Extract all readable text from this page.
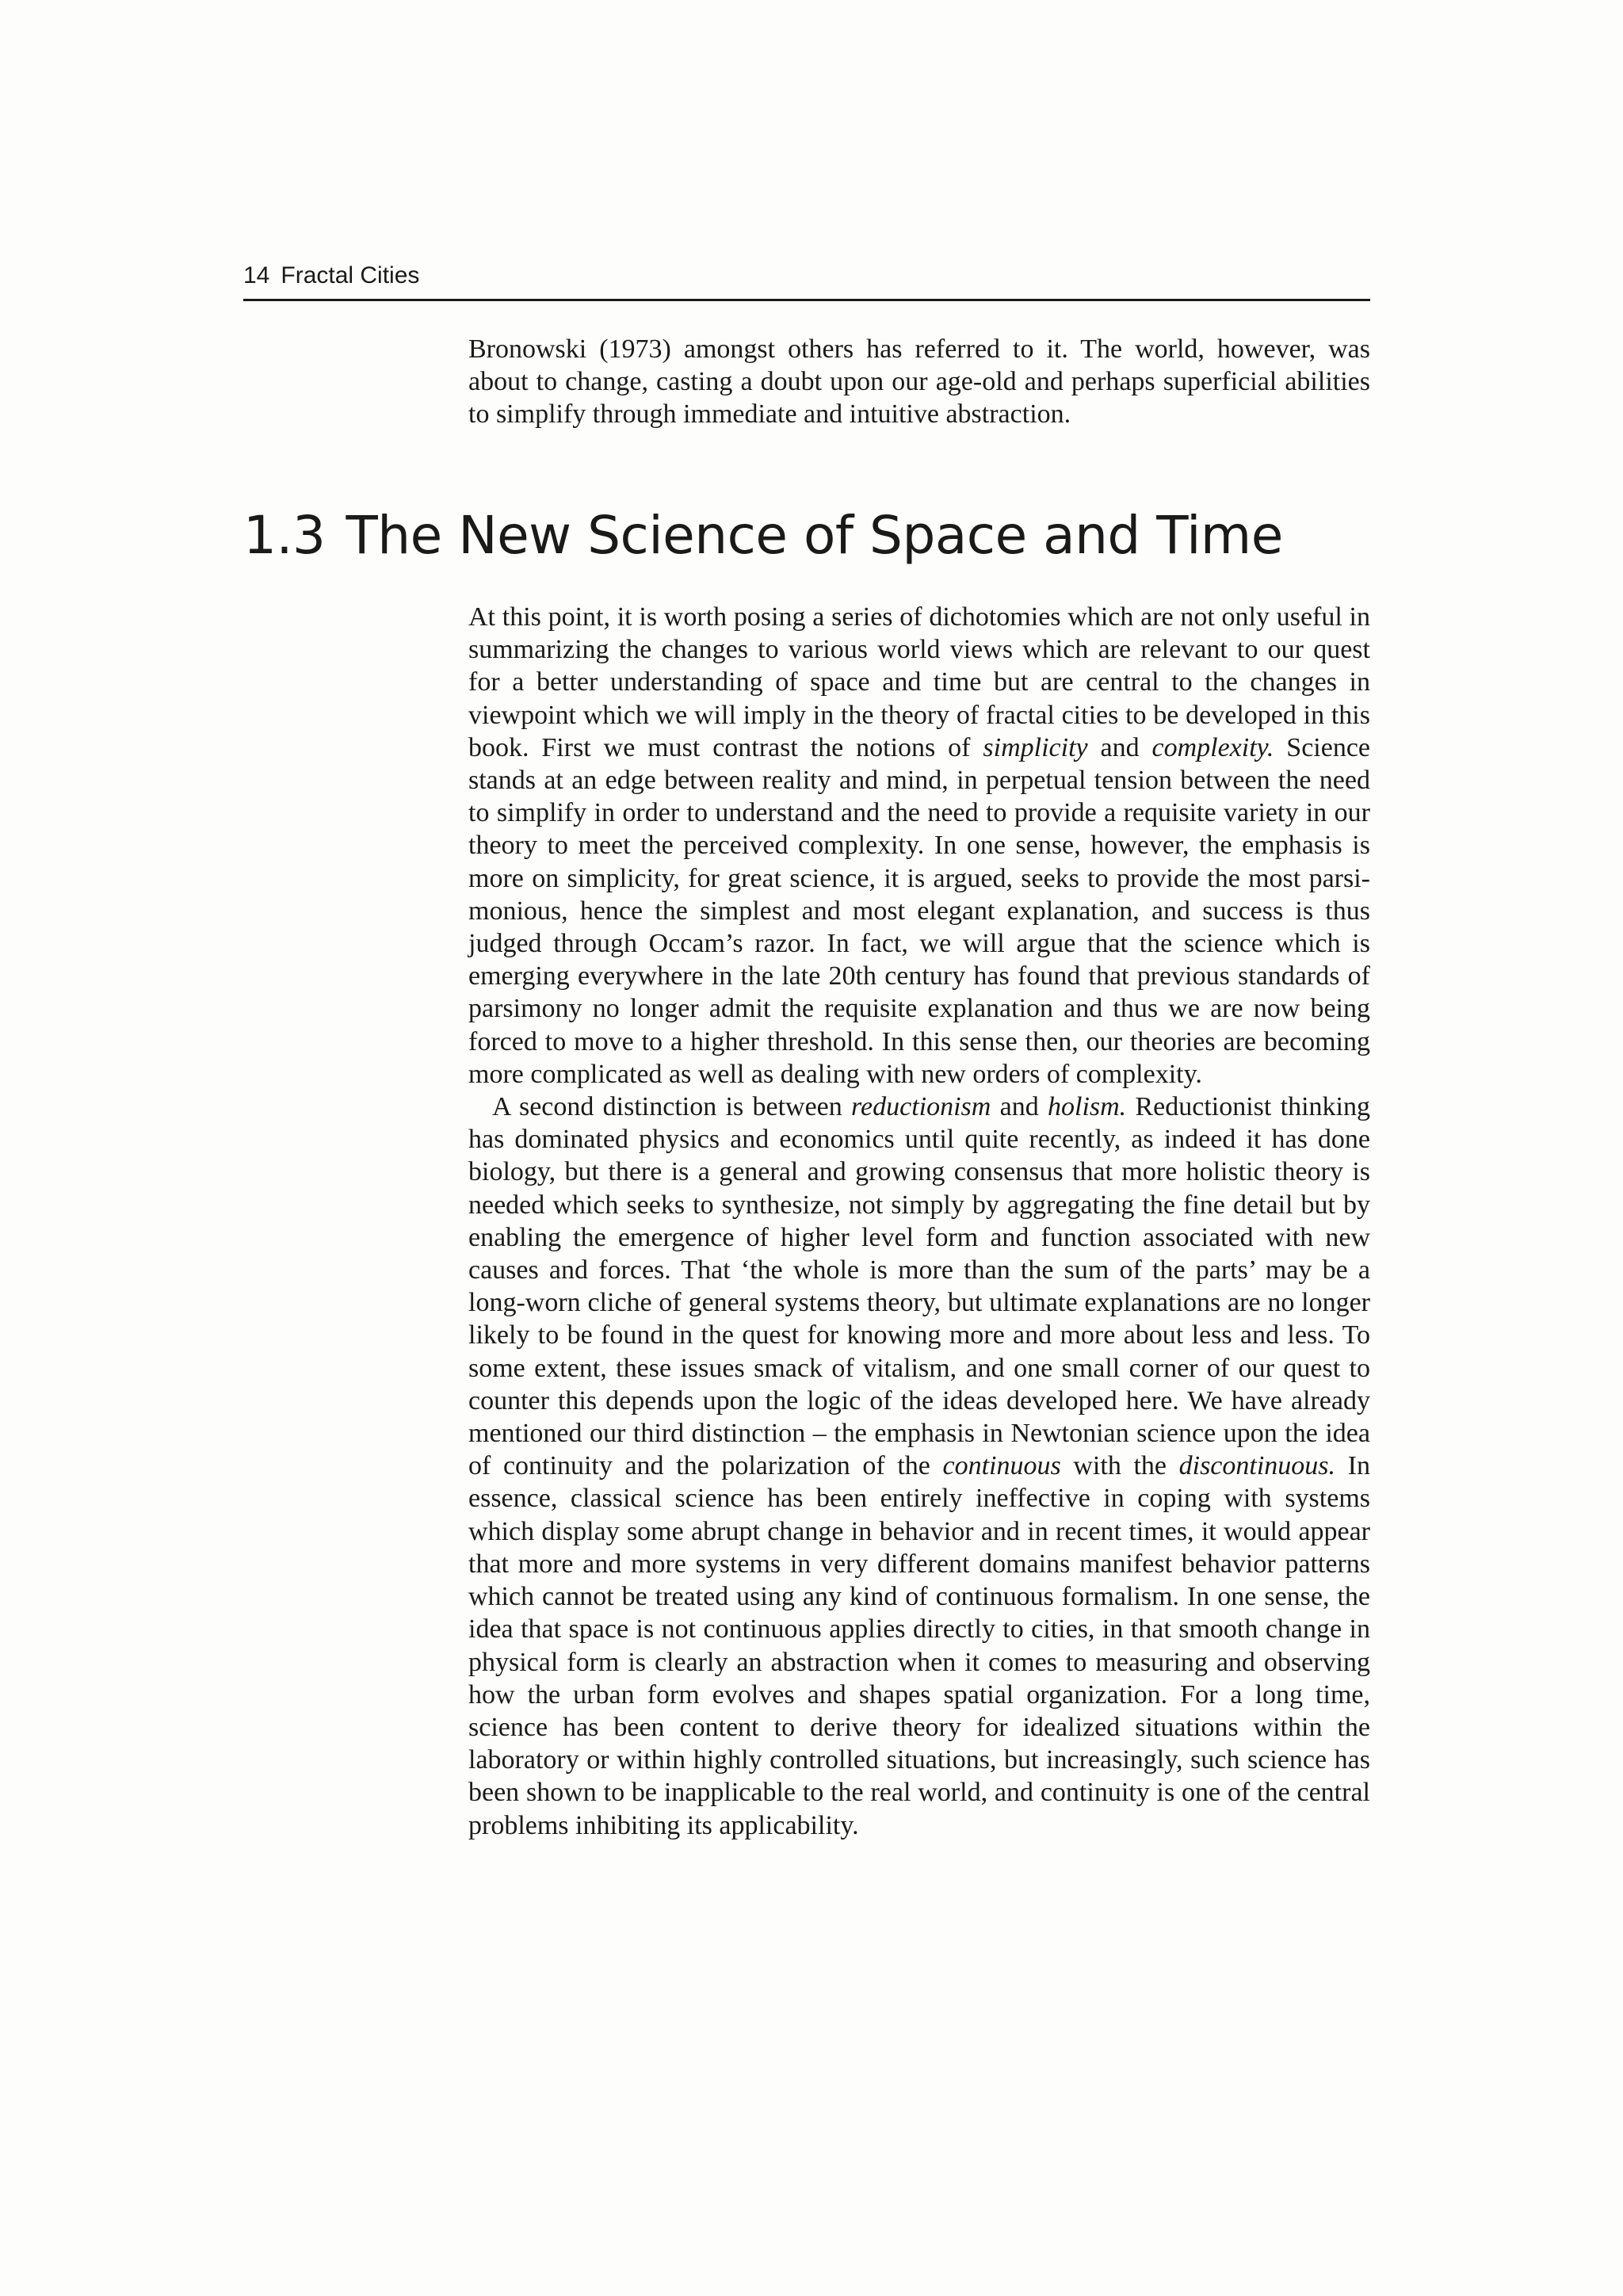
14 Fractal Cities

Bronowski (1973) amongst others has referred to it. The world, however, was about to change, casting a doubt upon our age-old and perhaps superficial abilities to simplify through immediate and intuitive abstraction.

1.3 The New Science of Space and Time

At this point, it is worth posing a series of dichotomies which are not only useful in summarizing the changes to various world views which are relevant to our quest for a better understanding of space and time but are central to the changes in viewpoint which we will imply in the theory of fractal cities to be developed in this book. First we must contrast the notions of simplicity and complexity. Science stands at an edge between reality and mind, in perpetual tension between the need to simplify in order to understand and the need to provide a requisite variety in our theory to meet the perceived complexity. In one sense, however, the emphasis is more on simplicity, for great science, it is argued, seeks to provide the most parsimonious, hence the simplest and most elegant explanation, and success is thus judged through Occam’s razor. In fact, we will argue that the science which is emerging everywhere in the late 20th century has found that previous standards of parsimony no longer admit the requisite explanation and thus we are now being forced to move to a higher threshold. In this sense then, our theories are becoming more complicated as well as dealing with new orders of complexity.

A second distinction is between reductionism and holism. Reductionist thinking has dominated physics and economics until quite recently, as indeed it has done biology, but there is a general and growing consensus that more holistic theory is needed which seeks to synthesize, not simply by aggregating the fine detail but by enabling the emergence of higher level form and function associated with new causes and forces. That ‘the whole is more than the sum of the parts’ may be a long-worn cliche of general systems theory, but ultimate explanations are no longer likely to be found in the quest for knowing more and more about less and less. To some extent, these issues smack of vitalism, and one small corner of our quest to counter this depends upon the logic of the ideas developed here. We have already mentioned our third distinction – the emphasis in Newtonian science upon the idea of continuity and the polarization of the continuous with the discontinuous. In essence, classical science has been entirely ineffective in coping with systems which display some abrupt change in behavior and in recent times, it would appear that more and more systems in very different domains manifest behavior patterns which cannot be treated using any kind of continuous formalism. In one sense, the idea that space is not continuous applies directly to cities, in that smooth change in physical form is clearly an abstraction when it comes to measuring and observing how the urban form evolves and shapes spatial organization. For a long time, science has been content to derive theory for idealized situations within the laboratory or within highly controlled situations, but increasingly, such science has been shown to be inapplicable to the real world, and continuity is one of the central problems inhibiting its applicability.
